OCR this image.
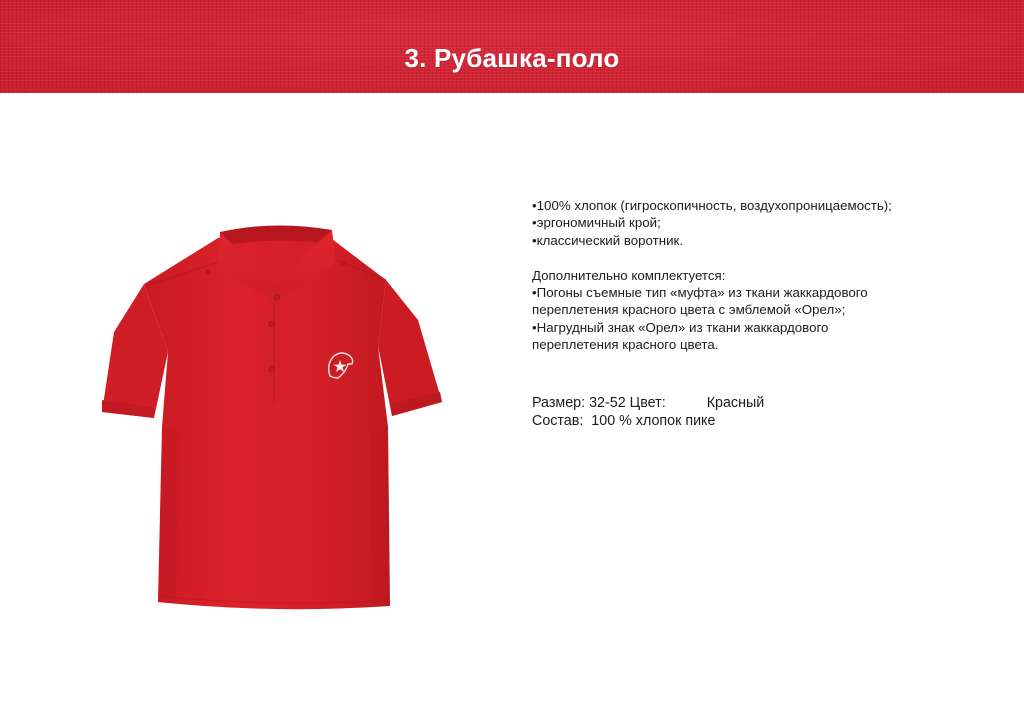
3. Рубашка-поло
•100% хлопок (гигроскопичность, воздухопроницаемость);
•эргономичный крой;
•классический воротник.
Дополнительно комплектуется:
•Погоны съемные тип «муфта» из ткани жаккардового
переплетения красного цвета с эмблемой «Орел»;
•Нагрудный знак «Орел» из ткани жаккардового
переплетения красного цвета.
Размер: 32-52 Цвет:	Красный
Состав: 100 % хлопок пике
